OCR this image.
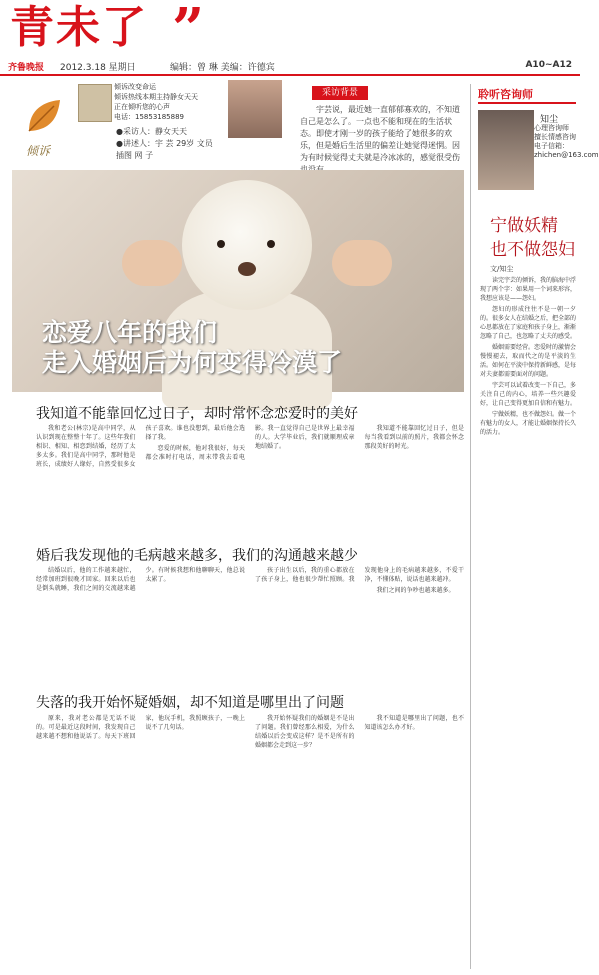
青未了 ”
齐鲁晚报 2012.3.18 星期日	编辑：曾 琳 美编：许德宾	A10~A12
倾诉
倾诉改变命运
倾诉热线本期主持静女天天
正在倾听您的心声
电话：15853185889
●采访人：静女天天
●讲述人：宇 芸 29岁 文员
插图 网 子
采访背景
宇芸说，最近她一直郁郁寡欢的，不知道自己是怎么了。一点也不能和现在的生活状态。即使才刚一岁的孩子能给了她很多的欢乐，但是婚后生活里的偏差让她觉得迷惘。因为有时候觉得丈夫就是冷冰冰的，感觉很受伤
恋爱八年的我们
走入婚姻后为何变得冷漠了
我知道不能靠回忆过日子，却时常怀念恋爱时的美好

我和老公(林宗)是高中同学，从认识到现在整整十年了。这些年我们相识、相知、相恋到结婚，经历了太多太多。我们是高中同学，那时他是班长，成绩好人缘好，自然受很多女孩子喜欢。谁也没想到，最后他会选择了我。

恋爱的时候，他对我很好，每天都会准时打电话，周末带我去看电影。我一直觉得自己是世界上最幸福的人。大学毕业后，我们就顺理成章地结婚了。

我知道不能靠回忆过日子，但是每当我看到以前的照片，我都会怀念那段美好的时光。

婚后我发现他的毛病越来越多，我们的沟通越来越少

结婚以后，他的工作越来越忙，经常加班到很晚才回家。回来以后也是倒头就睡，我们之间的交流越来越少。有时候我想和他聊聊天，他总说太累了。

孩子出生以后，我的重心都放在了孩子身上，他也很少帮忙照顾。我发现他身上的毛病越来越多，不爱干净，不懂体贴，说话也越来越冲。

我们之间的争吵也越来越多。

失落的我开始怀疑婚姻，却不知道是哪里出了问题

原来，我对老公都是无话不说的。可是最近这段时间，我发现自己越来越不想和他说话了。每天下班回家，他玩手机，我照顾孩子，一晚上说不了几句话。

我开始怀疑我们的婚姻是不是出了问题。我们曾经那么相爱，为什么结婚以后会变成这样？是不是所有的婚姻都会走到这一步？

我不知道是哪里出了问题，也不知道该怎么办才好。

聆听咨询师
知尘
心理咨询师
擅长情感咨询
电子信箱：zhichen@163.com
宁做妖精
也不做怨妇
文/知尘

读完宇芸的倾诉，我的脑海中浮现了两个字：如果用一个词来形容，我想应该是——怨妇。

怨妇的形成往往不是一朝一夕的。很多女人在结婚之后，把全部的心思都放在了家庭和孩子身上，渐渐忽略了自己，也忽略了丈夫的感受。

婚姻需要经营。恋爱时的激情会慢慢褪去，取而代之的是平淡的生活。如何在平淡中保持新鲜感，是每对夫妻都需要面对的问题。

宇芸可以试着改变一下自己，多关注自己的内心，培养一些兴趣爱好，让自己变得更加自信和有魅力。

宁做妖精，也不做怨妇。做一个有魅力的女人，才能让婚姻保持长久的活力。
